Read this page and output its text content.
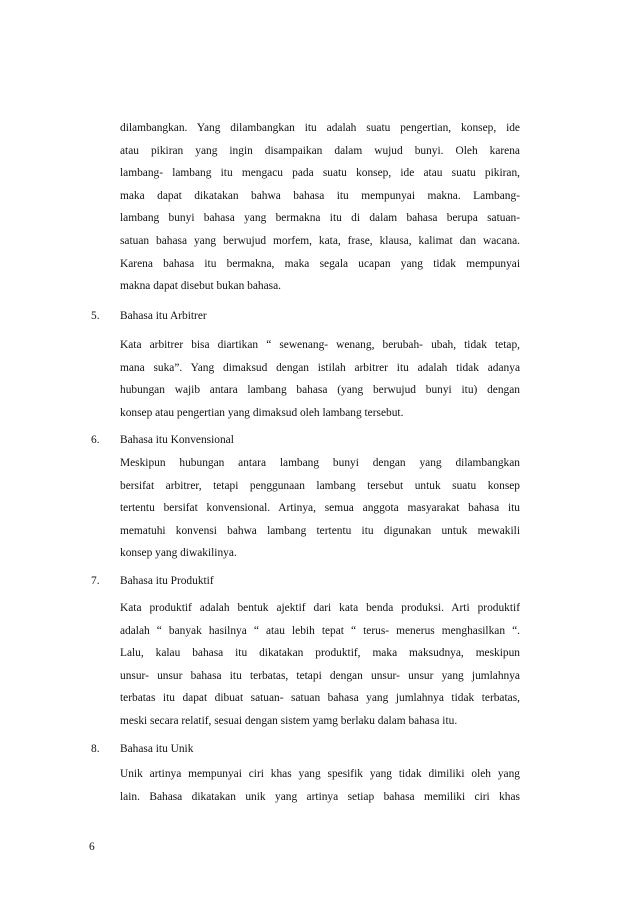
dilambangkan. Yang dilambangkan itu adalah suatu pengertian, konsep, ide
atau pikiran yang ingin disampaikan dalam wujud bunyi. Oleh karena
lambang- lambang itu mengacu pada suatu konsep, ide atau suatu pikiran,
maka dapat dikatakan bahwa bahasa itu mempunyai makna. Lambang-
lambang bunyi bahasa yang bermakna itu di dalam bahasa berupa satuan-
satuan bahasa yang berwujud morfem, kata, frase, klausa, kalimat dan wacana.
Karena bahasa itu bermakna, maka segala ucapan yang tidak mempunyai
makna dapat disebut bukan bahasa.
5. Bahasa itu Arbitrer
Kata arbitrer bisa diartikan “ sewenang- wenang, berubah- ubah, tidak tetap,
mana suka”. Yang dimaksud dengan istilah arbitrer itu adalah tidak adanya
hubungan wajib antara lambang bahasa (yang berwujud bunyi itu) dengan
konsep atau pengertian yang dimaksud oleh lambang tersebut.
6. Bahasa itu Konvensional
Meskipun hubungan antara lambang bunyi dengan yang dilambangkan
bersifat arbitrer, tetapi penggunaan lambang tersebut untuk suatu konsep
tertentu bersifat konvensional. Artinya, semua anggota masyarakat bahasa itu
mematuhi konvensi bahwa lambang tertentu itu digunakan untuk mewakili
konsep yang diwakilinya.
7. Bahasa itu Produktif
Kata produktif adalah bentuk ajektif dari kata benda produksi. Arti produktif
adalah “ banyak hasilnya “ atau lebih tepat “ terus- menerus menghasilkan “.
Lalu, kalau bahasa itu dikatakan produktif, maka maksudnya, meskipun
unsur- unsur bahasa itu terbatas, tetapi dengan unsur- unsur yang jumlahnya
terbatas itu dapat dibuat satuan- satuan bahasa yang jumlahnya tidak terbatas,
meski secara relatif, sesuai dengan sistem yamg berlaku dalam bahasa itu.
8. Bahasa itu Unik
Unik artinya mempunyai ciri khas yang spesifik yang tidak dimiliki oleh yang
lain. Bahasa dikatakan unik yang artinya setiap bahasa memiliki ciri khas
6
